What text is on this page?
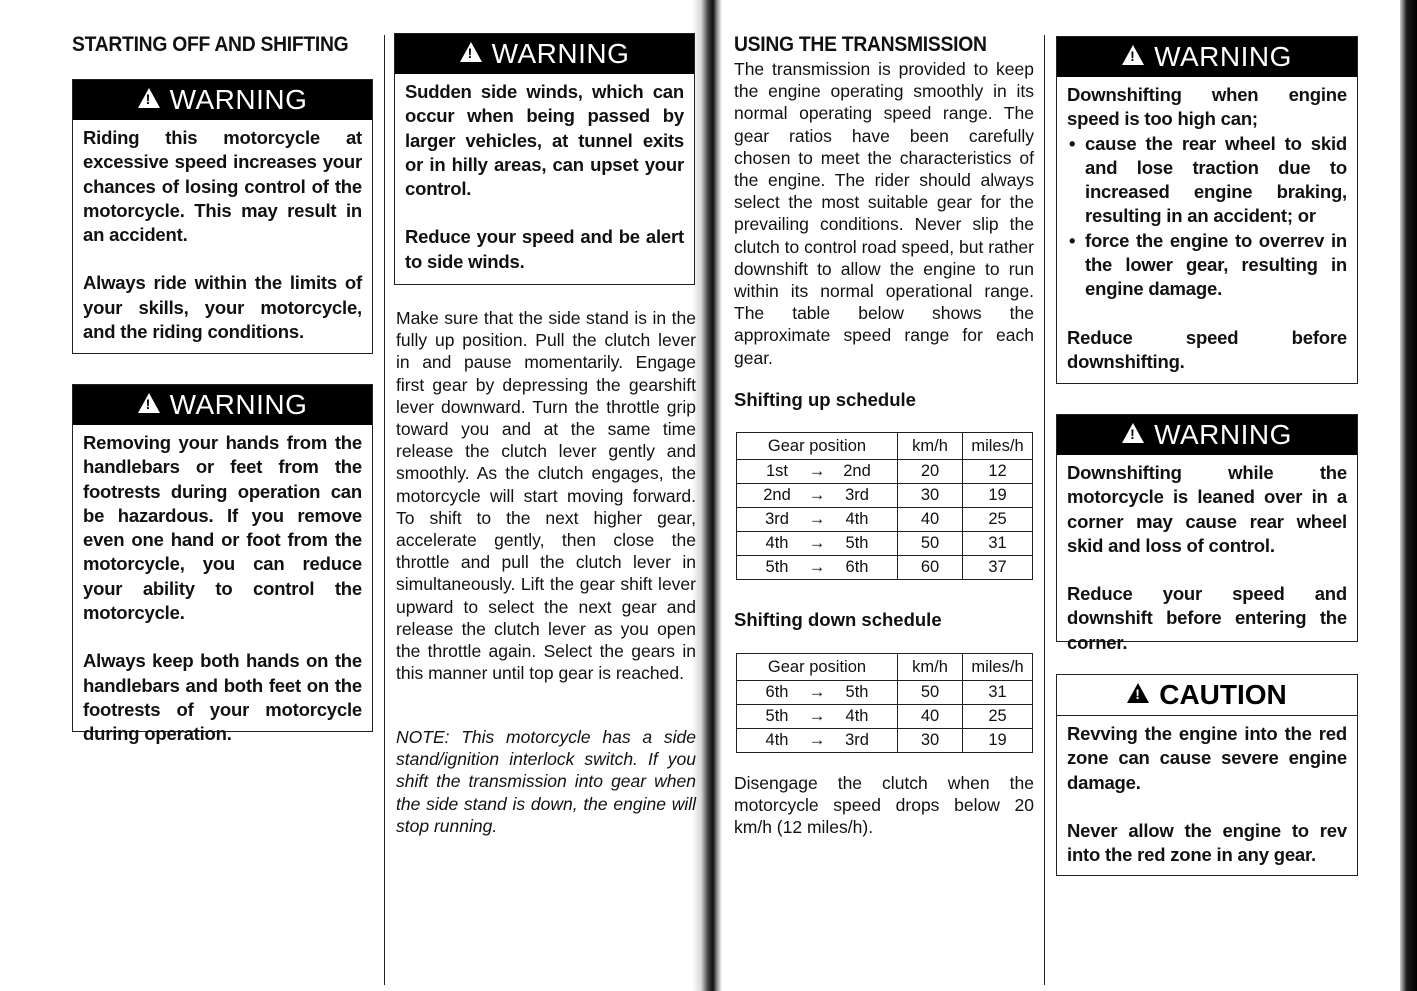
STARTING OFF AND SHIFTING
!
WARNING

Riding this motorcycle at excessive speed increases your chances of losing control of the motorcycle. This may result in an accident.

Always ride within the limits of your skills, your motorcycle, and the riding conditions.

!
WARNING

Removing your hands from the handlebars or feet from the footrests during operation can be hazardous. If you remove even one hand or foot from the motorcycle, you can reduce your ability to control the motorcycle.

Always keep both hands on the handlebars and both feet on the footrests of your motorcycle during operation.

!
WARNING

Sudden side winds, which can occur when being passed by larger vehicles, at tunnel exits or in hilly areas, can upset your control.

Reduce your speed and be alert to side winds.

Make sure that the side stand is in the fully up position. Pull the clutch lever in and pause momentarily. Engage first gear by depressing the gearshift lever downward. Turn the throttle grip toward you and at the same time release the clutch lever gently and smoothly. As the clutch engages, the motorcycle will start moving forward. To shift to the next higher gear, accelerate gently, then close the throttle and pull the clutch lever in simultaneously. Lift the gear shift lever upward to select the next gear and release the clutch lever as you open the throttle again. Select the gears in this manner until top gear is reached.

NOTE: This motorcycle has a side stand/ignition interlock switch. If you shift the transmission into gear when the side stand is down, the engine will stop running.

USING THE TRANSMISSION

The transmission is provided to keep the engine operating smoothly in its normal operating speed range. The gear ratios have been carefully chosen to meet the characteristics of the engine. The rider should always select the most suitable gear for the prevailing conditions. Never slip the clutch to control road speed, but rather downshift to allow the engine to run within its normal operational range. The table below shows the approximate speed range for each gear.

Shifting up schedule
Gear position	km/h	miles/h
1st → 2nd	20	12
2nd → 3rd	30	19
3rd → 4th	40	25
4th → 5th	50	31
5th → 6th	60	37
Shifting down schedule
Gear position	km/h	miles/h
6th → 5th	50	31
5th → 4th	40	25
4th → 3rd	30	19

Disengage the clutch when the motorcycle speed drops below 20 km/h (12 miles/h).

!
WARNING

Downshifting when engine speed is too high can;

• cause the rear wheel to skid and lose traction due to increased engine braking, resulting in an accident; or
• force the engine to overrev in the lower gear, resulting in engine damage.

Reduce speed before downshifting.

!
WARNING

Downshifting while the motorcycle is leaned over in a corner may cause rear wheel skid and loss of control.

Reduce your speed and downshift before entering the corner.

!
CAUTION

Revving the engine into the red zone can cause severe engine damage.

Never allow the engine to rev into the red zone in any gear.
